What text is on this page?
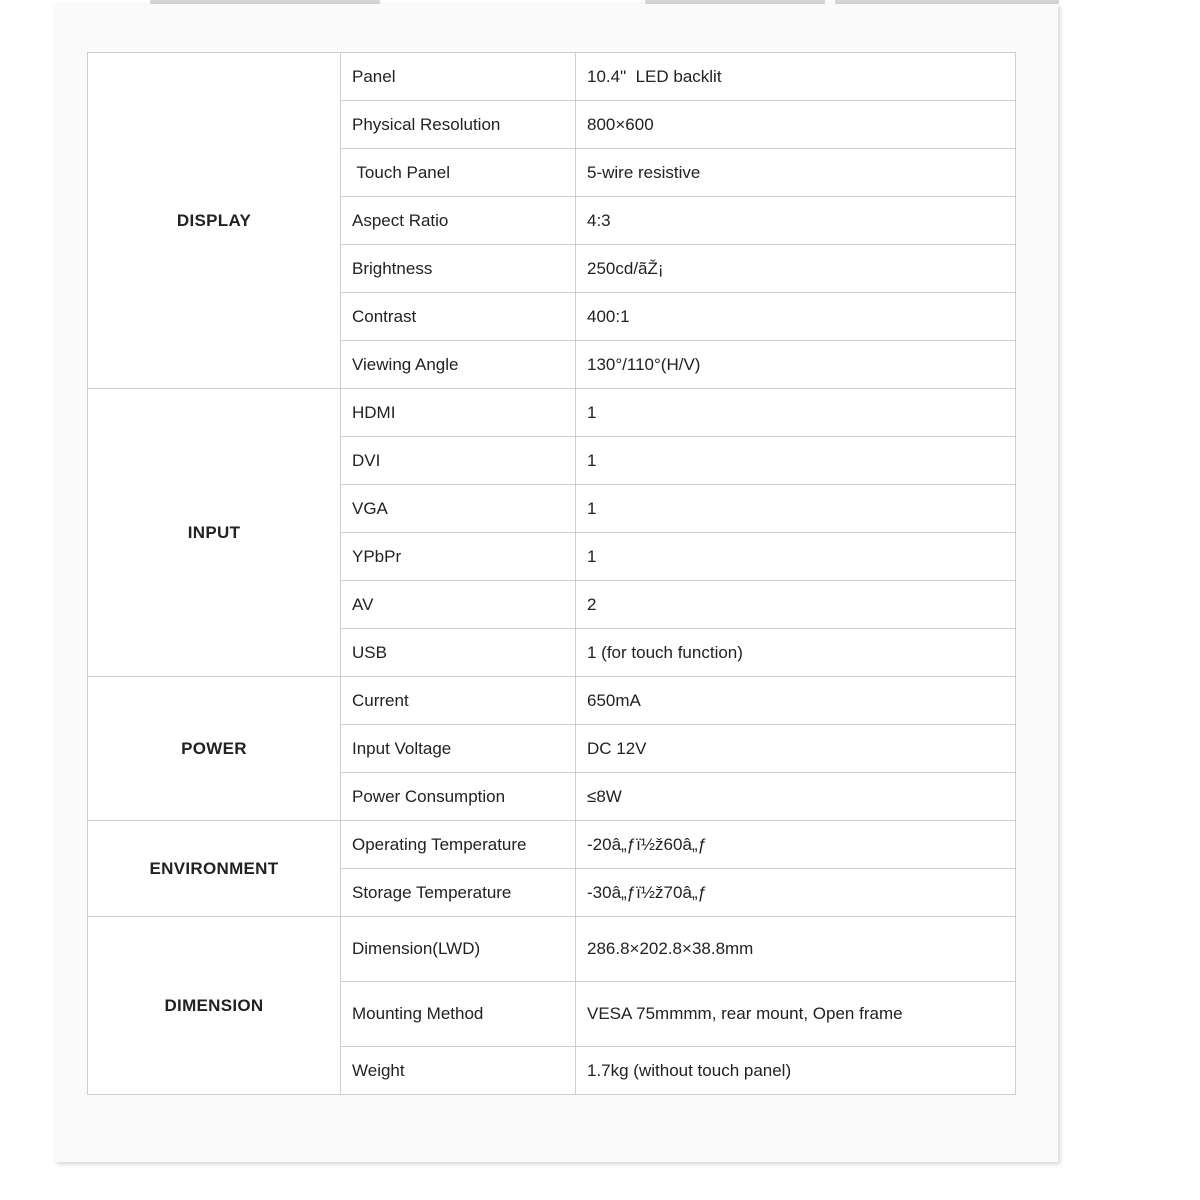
DISPLAY	Panel	10.4"  LED backlit
	Physical Resolution	800×600
	Touch Panel	5-wire resistive
	Aspect Ratio	4:3
	Brightness	250cd/ãŽ¡
	Contrast	400:1
	Viewing Angle	130°/110°(H/V)
INPUT	HDMI	1
	DVI	1
	VGA	1
	YPbPr	1
	AV	2
	USB	1 (for touch function)
POWER	Current	650mA
	Input Voltage	DC 12V
	Power Consumption	≤8W
ENVIRONMENT	Operating Temperature	-20â„ƒï½ž60â„ƒ
	Storage Temperature	-30â„ƒï½ž70â„ƒ
DIMENSION	Dimension(LWD)	286.8×202.8×38.8mm
	Mounting Method	VESA 75mmmm, rear mount, Open frame
	Weight	1.7kg (without touch panel)
